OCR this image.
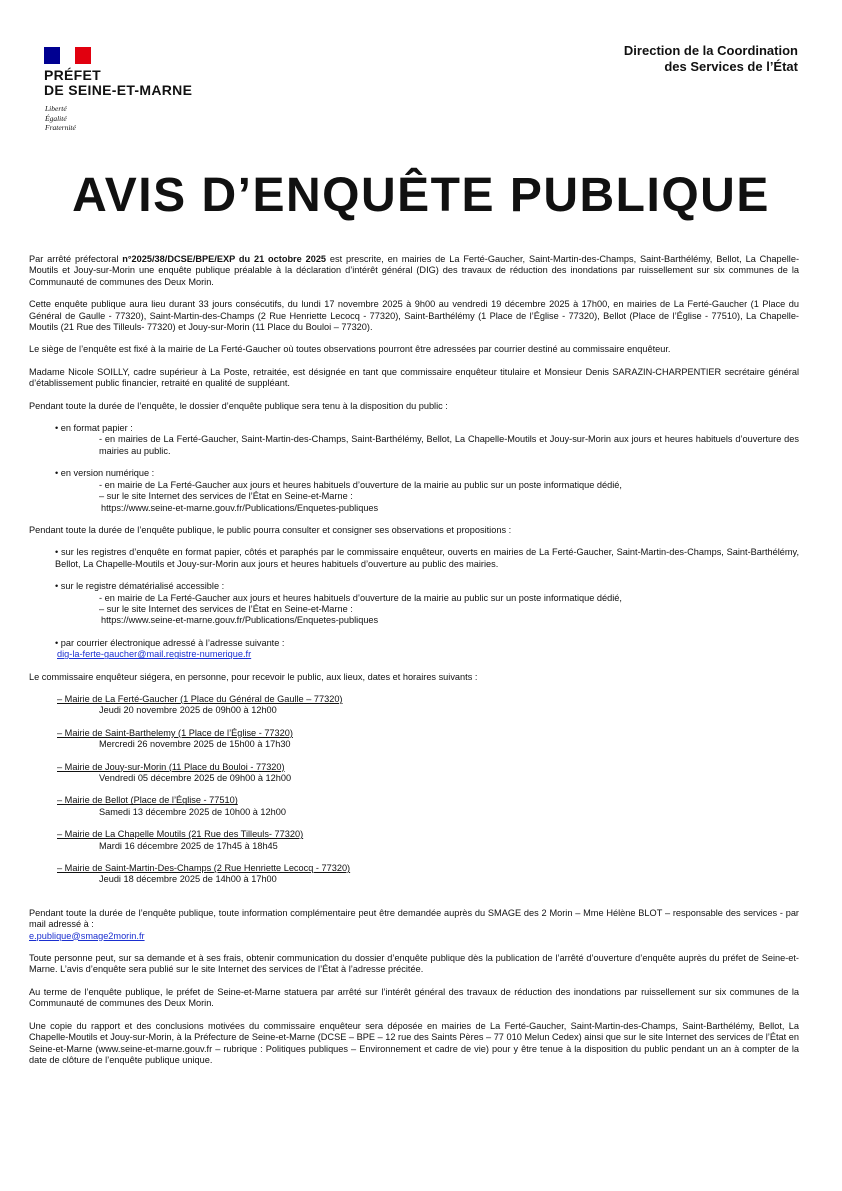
PRÉFET
DE SEINE-ET-MARNE
Liberté
Égalité
Fraternité
Direction de la Coordination
des Services de l’État
AVIS D’ENQUÊTE PUBLIQUE

Par arrêté préfectoral n°2025/38/DCSE/BPE/EXP du 21 octobre 2025 est prescrite, en mairies de La Ferté-Gaucher, Saint-Martin-des-Champs, Saint-Barthélémy, Bellot, La Chapelle-Moutils et Jouy-sur-Morin une enquête publique préalable à la déclaration d’intérêt général (DIG) des travaux de réduction des inondations par ruissellement sur six communes de la Communauté de communes des Deux Morin.

Cette enquête publique aura lieu durant 33 jours consécutifs, du lundi 17 novembre 2025 à 9h00 au vendredi 19 décembre 2025 à 17h00, en mairies de La Ferté-Gaucher (1 Place du Général de Gaulle - 77320), Saint-Martin-des-Champs (2 Rue Henriette Lecocq - 77320), Saint-Barthélémy (1 Place de l’Église - 77320), Bellot (Place de l’Église - 77510), La Chapelle-Moutils (21 Rue des Tilleuls- 77320) et Jouy-sur-Morin (11 Place du Bouloi – 77320).

Le siège de l’enquête est fixé à la mairie de La Ferté-Gaucher où toutes observations pourront être adressées par courrier destiné au commissaire enquêteur.

Madame Nicole SOILLY, cadre supérieur à La Poste, retraitée, est désignée en tant que commissaire enquêteur titulaire et Monsieur Denis SARAZIN-CHARPENTIER secrétaire général d’établissement public financier, retraité en qualité de suppléant.

Pendant toute la durée de l’enquête, le dossier d’enquête publique sera tenu à la disposition du public :

• en format papier :

- en mairies de La Ferté-Gaucher, Saint-Martin-des-Champs, Saint-Barthélémy, Bellot, La Chapelle-Moutils et Jouy-sur-Morin aux jours et heures habituels d’ouverture des mairies au public.

• en version numérique :

- en mairie de La Ferté-Gaucher aux jours et heures habituels d’ouverture de la mairie au public sur un poste informatique dédié,

– sur le site Internet des services de l’État en Seine-et-Marne :

https://www.seine-et-marne.gouv.fr/Publications/Enquetes-publiques

Pendant toute la durée de l’enquête publique, le public pourra consulter et consigner ses observations et propositions :

• sur les registres d’enquête en format papier, côtés et paraphés par le commissaire enquêteur, ouverts en mairies de La Ferté-Gaucher, Saint-Martin-des-Champs, Saint-Barthélémy, Bellot, La Chapelle-Moutils et Jouy-sur-Morin aux jours et heures habituels d’ouverture au public des mairies.

• sur le registre dématérialisé accessible :

- en mairie de La Ferté-Gaucher aux jours et heures habituels d’ouverture de la mairie au public sur un poste informatique dédié,

– sur le site Internet des services de l’État en Seine-et-Marne :

https://www.seine-et-marne.gouv.fr/Publications/Enquetes-publiques

• par courrier électronique adressé à l’adresse suivante :

dig-la-ferte-gaucher@mail.registre-numerique.fr

Le commissaire enquêteur siégera, en personne, pour recevoir le public, aux lieux, dates et horaires suivants :

– Mairie de La Ferté-Gaucher (1 Place du Général de Gaulle – 77320)

Jeudi 20 novembre 2025 de 09h00 à 12h00

– Mairie de Saint-Barthelemy (1 Place de l’Église - 77320)

Mercredi 26 novembre 2025 de 15h00 à 17h30

– Mairie de Jouy-sur-Morin (11 Place du Bouloi - 77320)

Vendredi 05 décembre 2025 de 09h00 à 12h00

– Mairie de Bellot (Place de l’Église - 77510)

Samedi 13 décembre 2025 de 10h00 à 12h00

– Mairie de La Chapelle Moutils (21 Rue des Tilleuls- 77320)

Mardi 16 décembre 2025 de 17h45 à 18h45

– Mairie de Saint-Martin-Des-Champs (2 Rue Henriette Lecocq - 77320)

Jeudi 18 décembre 2025 de 14h00 à 17h00

Pendant toute la durée de l’enquête publique, toute information complémentaire peut être demandée auprès du SMAGE des 2 Morin – Mme Hélène BLOT – responsable des services - par mail adressé à :

e.publique@smage2morin.fr

Toute personne peut, sur sa demande et à ses frais, obtenir communication du dossier d’enquête publique dès la publication de l’arrêté d’ouverture d’enquête auprès du préfet de Seine-et-Marne. L’avis d’enquête sera publié sur le site Internet des services de l’État à l’adresse précitée.

Au terme de l’enquête publique, le préfet de Seine-et-Marne statuera par arrêté sur l’intérêt général des travaux de réduction des inondations par ruissellement sur six communes de la Communauté de communes des Deux Morin.

Une copie du rapport et des conclusions motivées du commissaire enquêteur sera déposée en mairies de La Ferté-Gaucher, Saint-Martin-des-Champs, Saint-Barthélémy, Bellot, La Chapelle-Moutils et Jouy-sur-Morin, à la Préfecture de Seine-et-Marne (DCSE – BPE – 12 rue des Saints Pères – 77 010 Melun Cedex) ainsi que sur le site Internet des services de l’État en Seine-et-Marne (www.seine-et-marne.gouv.fr – rubrique : Politiques publiques – Environnement et cadre de vie) pour y être tenue à la disposition du public pendant un an à compter de la date de clôture de l’enquête publique unique.
